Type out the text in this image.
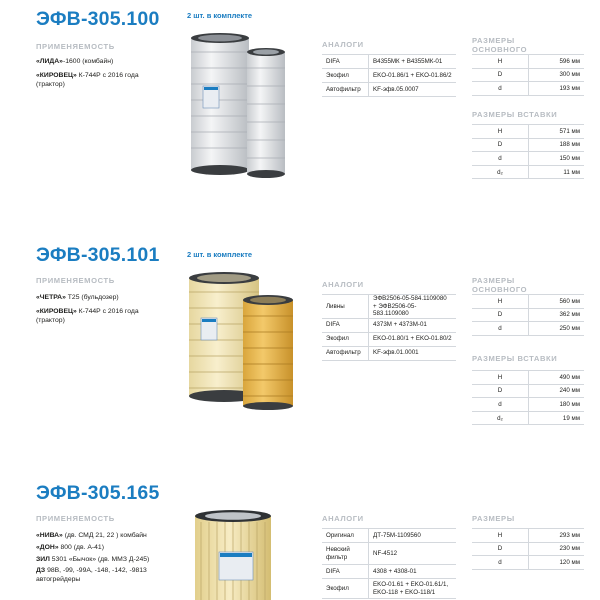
ЭФВ-305.100	2 шт. в комплекте
ПРИМЕНЯЕМОСТЬ

«ЛИДА»-1600 (комбайн)

«КИРОВЕЦ» К-744Р с 2016 года (трактор)

АНАЛОГИ
DIFA	B4355МК + B4355МК-01
Экофил	EKO-01.86/1 + EKO-01.86/2
Автофильтр	KF-эфв.05.0007
РАЗМЕРЫ ОСНОВНОГО
H	596 мм
D	300 мм
d	193 мм
РАЗМЕРЫ ВСТАВКИ
H	571 мм
D	188 мм
d	150 мм
d₂	11 мм
ЭФВ-305.101	2 шт. в комплекте
ПРИМЕНЯЕМОСТЬ

«ЧЕТРА» Т25 (бульдозер)

«КИРОВЕЦ» К-744Р с 2016 года (трактор)

АНАЛОГИ
Ливны	ЭФВ2506-05-584.1109080 + ЭФВ2506-05-583.1109080
DIFA	4373М + 4373М-01
Экофил	EKO-01.80/1 + EKO-01.80/2
Автофильтр	KF-эфв.01.0001
РАЗМЕРЫ ОСНОВНОГО
H	560 мм
D	362 мм
d	250 мм
РАЗМЕРЫ ВСТАВКИ
H	490 мм
D	240 мм
d	180 мм
d₂	19 мм
ЭФВ-305.165
ПРИМЕНЯЕМОСТЬ

«НИВА» (дв. СМД 21, 22 ) комбайн

«ДОН» 800 (дв. А-41)

ЗИЛ 5301 «Бычок» (дв. ММЗ Д-245)

ДЗ 98В, -99, -99А, -148, -142, -9813 автогрейдеры

АНАЛОГИ
Оригинал	ДТ-75М-1109560
Невский фильтр	NF-4512
DIFA	4308 + 4308-01
Экофил	EKO-01.61 + EKO-01.61/1, EKO-118 + EKO-118/1
РАЗМЕРЫ
H	293 мм
D	230 мм
d	120 мм
